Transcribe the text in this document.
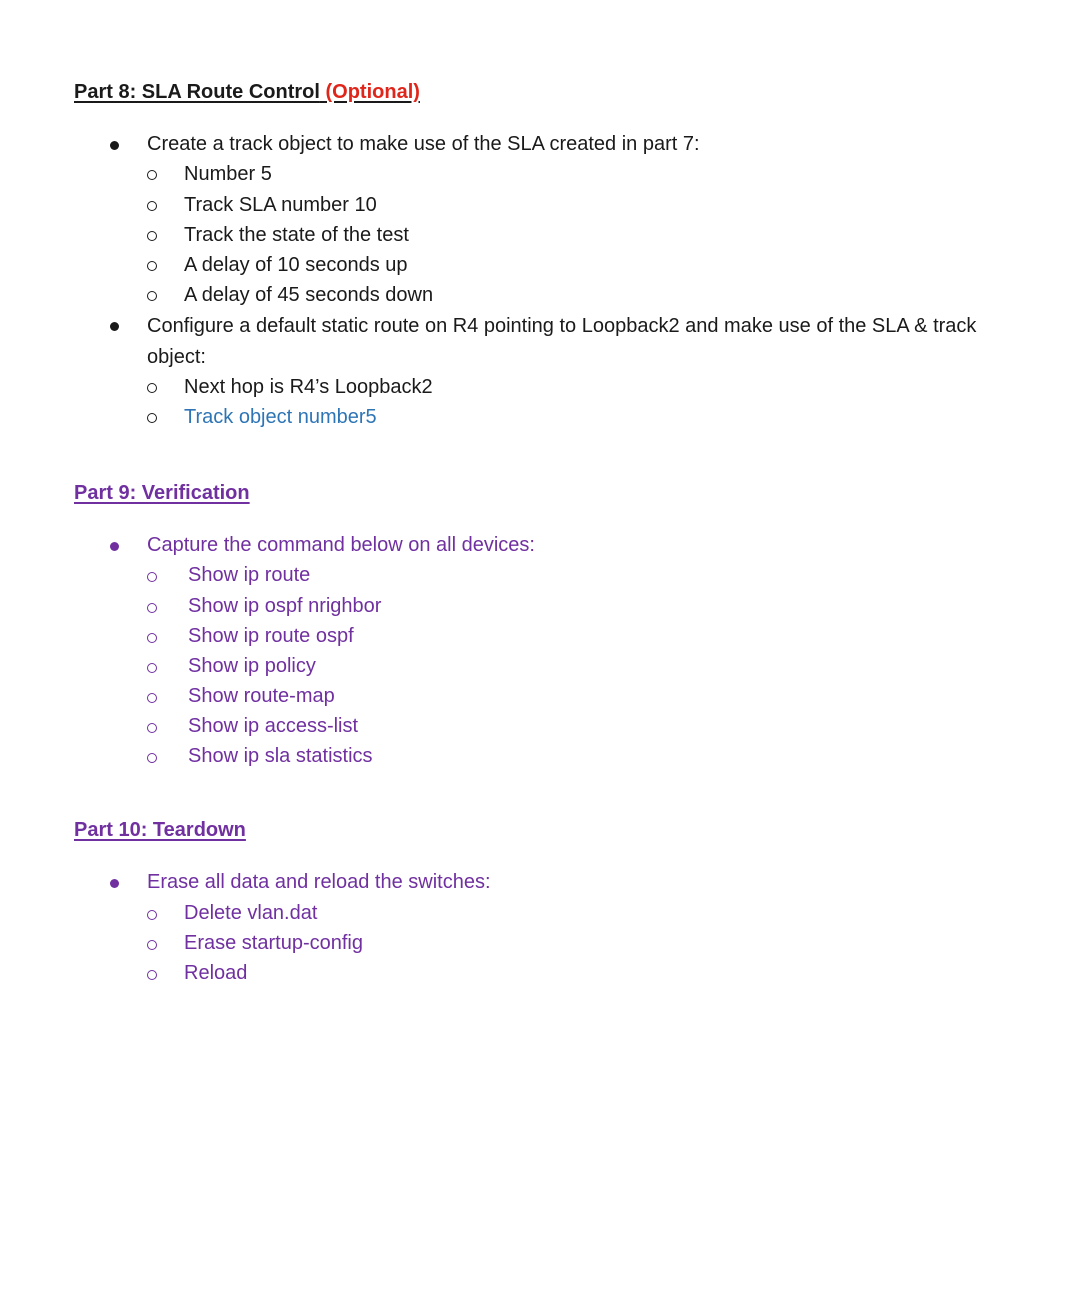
Part 8: SLA Route Control (Optional)
Create a track object to make use of the SLA created in part 7:
Number 5
Track SLA number 10
Track the state of the test
A delay of 10 seconds up
A delay of 45 seconds down
Configure a default static route on R4 pointing to Loopback2 and make use of the SLA & track
object:
Next hop is R4’s Loopback2
Track object number5
Part 9: Verification
Capture the command below on all devices:
Show ip route
Show ip ospf nrighbor
Show ip route ospf
Show ip policy
Show route-map
Show ip access-list
Show ip sla statistics
Part 10: Teardown
Erase all data and reload the switches:
Delete vlan.dat
Erase startup-config
Reload
